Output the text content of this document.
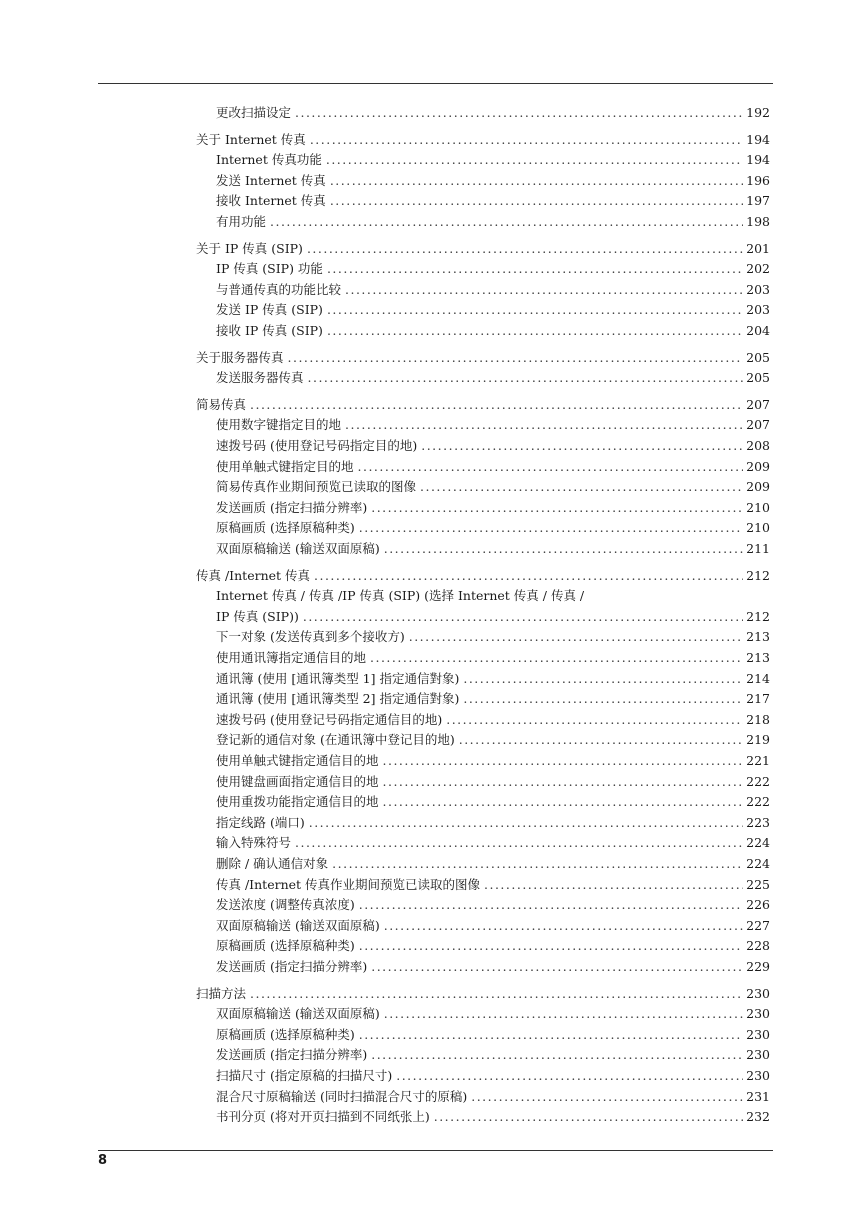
更改扫描设定 .....	192
关于 Internet 传真 .....	194
Internet 传真功能 .....	194
发送 Internet 传真 .....	196
接收 Internet 传真 .....	197
有用功能 .....	198
关于 IP 传真 (SIP) .....	201
IP 传真 (SIP) 功能 .....	202
与普通传真的功能比较 .....	203
发送 IP 传真 (SIP) .....	203
接收 IP 传真 (SIP) .....	204
关于服务器传真 .....	205
发送服务器传真 .....	205
简易传真 .....	207
使用数字键指定目的地 .....	207
速拨号码 (使用登记号码指定目的地) .....	208
使用单触式键指定目的地 .....	209
简易传真作业期间预览已读取的图像 .....	209
发送画质 (指定扫描分辨率) .....	210
原稿画质 (选择原稿种类) .....	210
双面原稿输送 (输送双面原稿) .....	211
传真 /Internet 传真 .....	212
Internet 传真 / 传真 /IP 传真 (SIP) (选择 Internet 传真 / 传真 /
IP 传真 (SIP)) .....	212
下一对象 (发送传真到多个接收方) .....	213
使用通讯簿指定通信目的地 .....	213
通讯簿 (使用 [通讯簿类型 1] 指定通信對象) .....	214
通讯簿 (使用 [通讯簿类型 2] 指定通信對象) .....	217
速拨号码 (使用登记号码指定通信目的地) .....	218
登记新的通信对象 (在通讯簿中登记目的地) .....	219
使用单触式键指定通信目的地 .....	221
使用键盘画面指定通信目的地 .....	222
使用重拨功能指定通信目的地 .....	222
指定线路 (端口) .....	223
输入特殊符号 .....	224
删除 / 确认通信对象 .....	224
传真 /Internet 传真作业期间预览已读取的图像 .....	225
发送浓度 (调整传真浓度) .....	226
双面原稿输送 (输送双面原稿) .....	227
原稿画质 (选择原稿种类) .....	228
发送画质 (指定扫描分辨率) .....	229
扫描方法 .....	230
双面原稿输送 (输送双面原稿) .....	230
原稿画质 (选择原稿种类) .....	230
发送画质 (指定扫描分辨率) .....	230
扫描尺寸 (指定原稿的扫描尺寸) .....	230
混合尺寸原稿输送 (同时扫描混合尺寸的原稿) .....	231
书刊分页 (将对开页扫描到不同纸张上) .....	232
8
